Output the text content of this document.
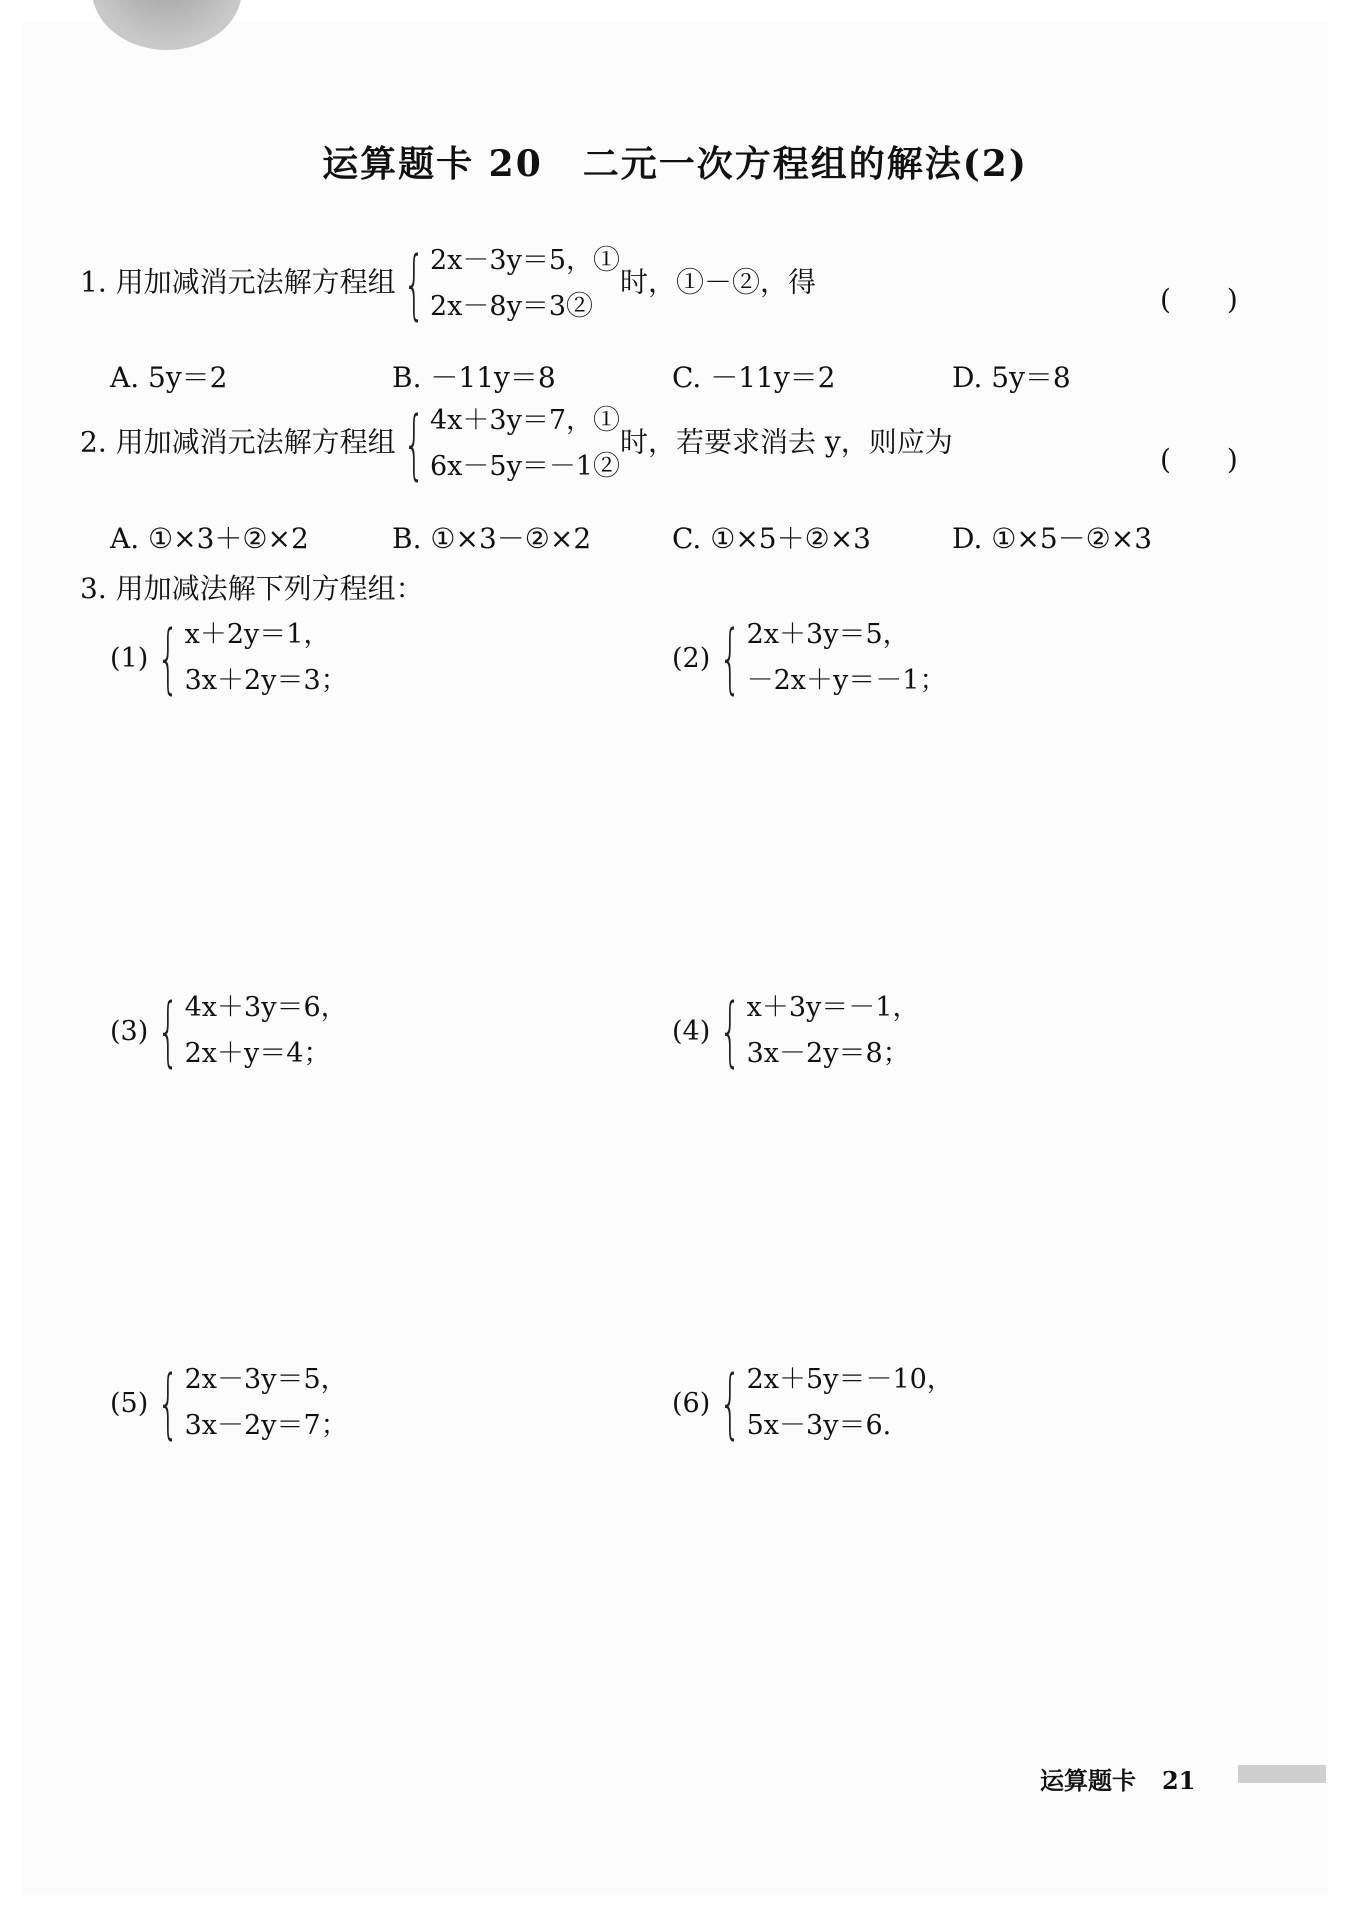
运算题卡 20 二元一次方程组的解法(2)
1. 用加减消元法解方程组 { 2x－3y＝5，①
2x－8y＝3②
时，①－②，得
(　　)
A. 5y＝2	B. －11y＝8	C. －11y＝2	D. 5y＝8
2. 用加减消元法解方程组 { 4x＋3y＝7，①
6x－5y＝－1②
时，若要求消去 y，则应为
(　　)
A. ①×3＋②×2	B. ①×3－②×2	C. ①×5＋②×3	D. ①×5－②×3
3. 用加减法解下列方程组：
(1) { x＋2y＝1，
3x＋2y＝3；
(2) { 2x＋3y＝5，
－2x＋y＝－1；
(3) { 4x＋3y＝6，
2x＋y＝4；
(4) { x＋3y＝－1，
3x－2y＝8；
(5) { 2x－3y＝5，
3x－2y＝7；
(6) { 2x＋5y＝－10，
5x－3y＝6.
运算题卡 21
